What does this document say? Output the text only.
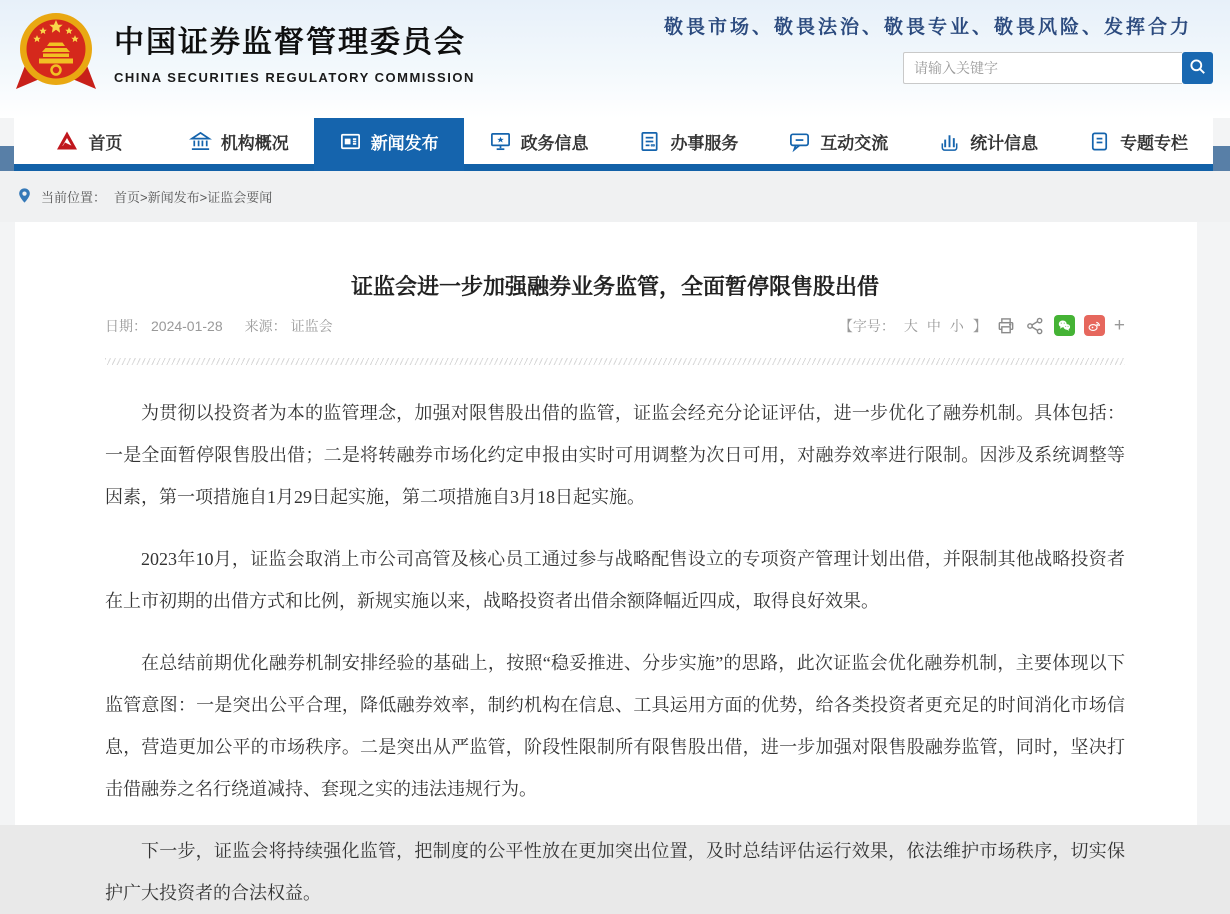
中国证券监督管理委员会
CHINA SECURITIES REGULATORY COMMISSION
敬畏市场、敬畏法治、敬畏专业、敬畏风险、发挥合力
请输入关键字
首页	机构概况	新闻发布	政务信息	办事服务	互动交流	统计信息	专题专栏
当前位置： 首页>新闻发布>证监会要闻
证监会进一步加强融券业务监管，全面暂停限售股出借
日期： 2024-01-28 来源： 证监会	【字号： 大 中 小 】	+

为贯彻以投资者为本的监管理念，加强对限售股出借的监管，证监会经充分论证评估，进一步优化了融券机制。具体包括：一是全面暂停限售股出借；二是将转融券市场化约定申报由实时可用调整为次日可用，对融券效率进行限制。因涉及系统调整等因素，第一项措施自1月29日起实施，第二项措施自3月18日起实施。

2023年10月，证监会取消上市公司高管及核心员工通过参与战略配售设立的专项资产管理计划出借，并限制其他战略投资者在上市初期的出借方式和比例，新规实施以来，战略投资者出借余额降幅近四成，取得良好效果。

在总结前期优化融券机制安排经验的基础上，按照“稳妥推进、分步实施”的思路，此次证监会优化融券机制，主要体现以下监管意图：一是突出公平合理，降低融券效率，制约机构在信息、工具运用方面的优势，给各类投资者更充足的时间消化市场信息，营造更加公平的市场秩序。二是突出从严监管，阶段性限制所有限售股出借，进一步加强对限售股融券监管，同时，坚决打击借融券之名行绕道减持、套现之实的违法违规行为。

下一步，证监会将持续强化监管，把制度的公平性放在更加突出位置，及时总结评估运行效果，依法维护市场秩序，切实保护广大投资者的合法权益。
